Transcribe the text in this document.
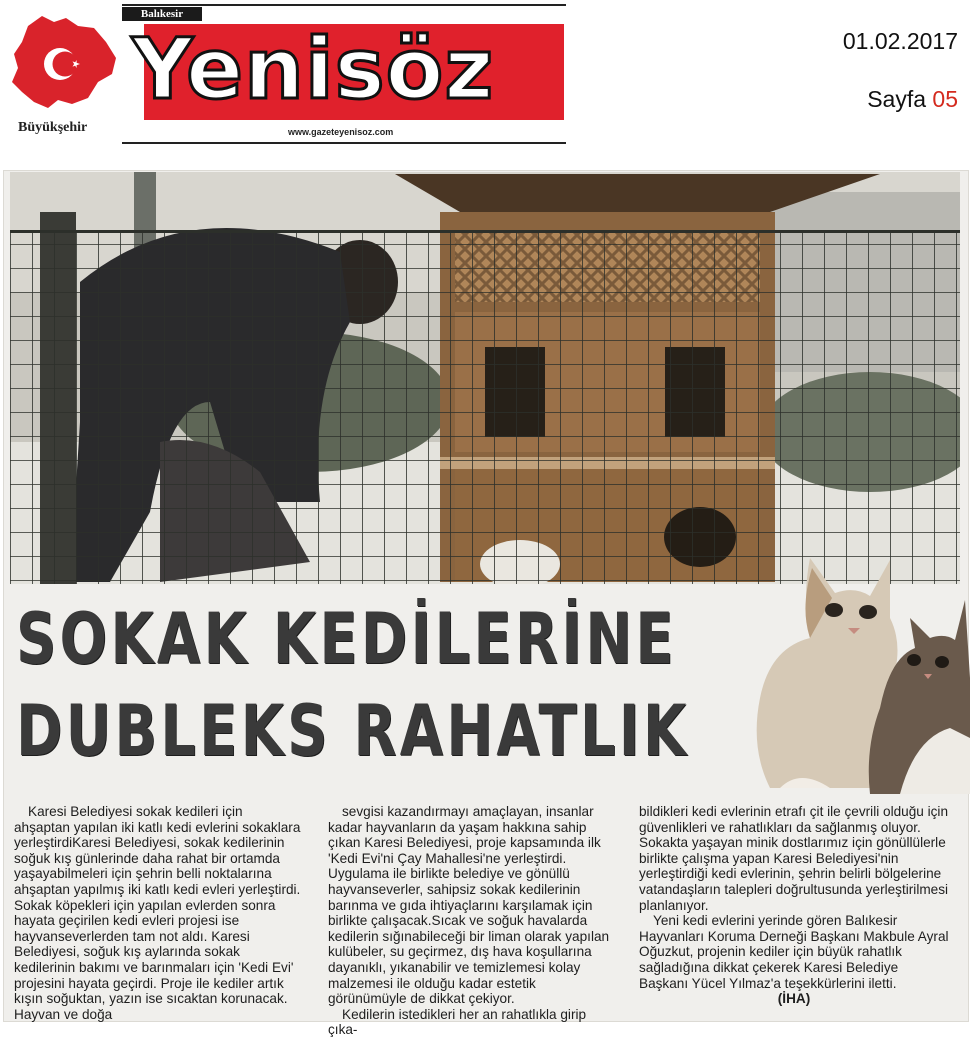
Büyükşehir
Balıkesir
Yenisöz
www.gazeteyenisoz.com
01.02.2017
Sayfa 05
SOKAK KEDİLERİNE
DUBLEKS RAHATLIK

Karesi Belediyesi sokak kedileri için ahşaptan yapılan iki katlı kedi evlerini sokaklara yerleştirdiKaresi Belediyesi, sokak kedilerinin soğuk kış günlerinde daha rahat bir ortamda yaşayabilmeleri için şehrin belli noktalarına ahşaptan yapılmış iki katlı kedi evleri yerleştirdi. Sokak köpekleri için yapılan evlerden sonra hayata geçirilen kedi evleri projesi ise hayvanseverlerden tam not aldı. Karesi Belediyesi, soğuk kış aylarında sokak kedilerinin bakımı ve barınmaları için 'Kedi Evi' projesini hayata geçirdi. Proje ile kediler artık kışın soğuktan, yazın ise sıcaktan korunacak. Hayvan ve doğa

sevgisi kazandırmayı amaçlayan, insanlar kadar hayvanların da yaşam hakkına sahip çıkan Karesi Belediyesi, proje kapsamında ilk 'Kedi Evi'ni Çay Mahallesi'ne yerleştirdi. Uygulama ile birlikte belediye ve gönüllü hayvanseverler, sahipsiz sokak kedilerinin barınma ve gıda ihtiyaçlarını karşılamak için birlikte çalışacak.Sıcak ve soğuk havalarda kedilerin sığınabileceği bir liman olarak yapılan kulübeler, su geçirmez, dış hava koşullarına dayanıklı, yıkanabilir ve temizlemesi kolay malzemesi ile olduğu kadar estetik görünümüyle de dikkat çekiyor.

Kedilerin istedikleri her an rahatlıkla girip çıka-

bildikleri kedi evlerinin etrafı çit ile çevrili olduğu için güvenlikleri ve rahatlıkları da sağlanmış oluyor. Sokakta yaşayan minik dostlarımız için gönüllülerle birlikte çalışma yapan Karesi Belediyesi'nin yerleştirdiği kedi evlerinin, şehrin belirli bölgelerine vatandaşların talepleri doğrultusunda yerleştirilmesi planlanıyor.

Yeni kedi evlerini yerinde gören Balıkesir Hayvanları Koruma Derneği Başkanı Makbule Ayral Oğuzkut, projenin kediler için büyük rahatlık sağladığına dikkat çekerek Karesi Belediye Başkanı Yücel Yılmaz'a teşekkürlerini iletti.

(İHA)
